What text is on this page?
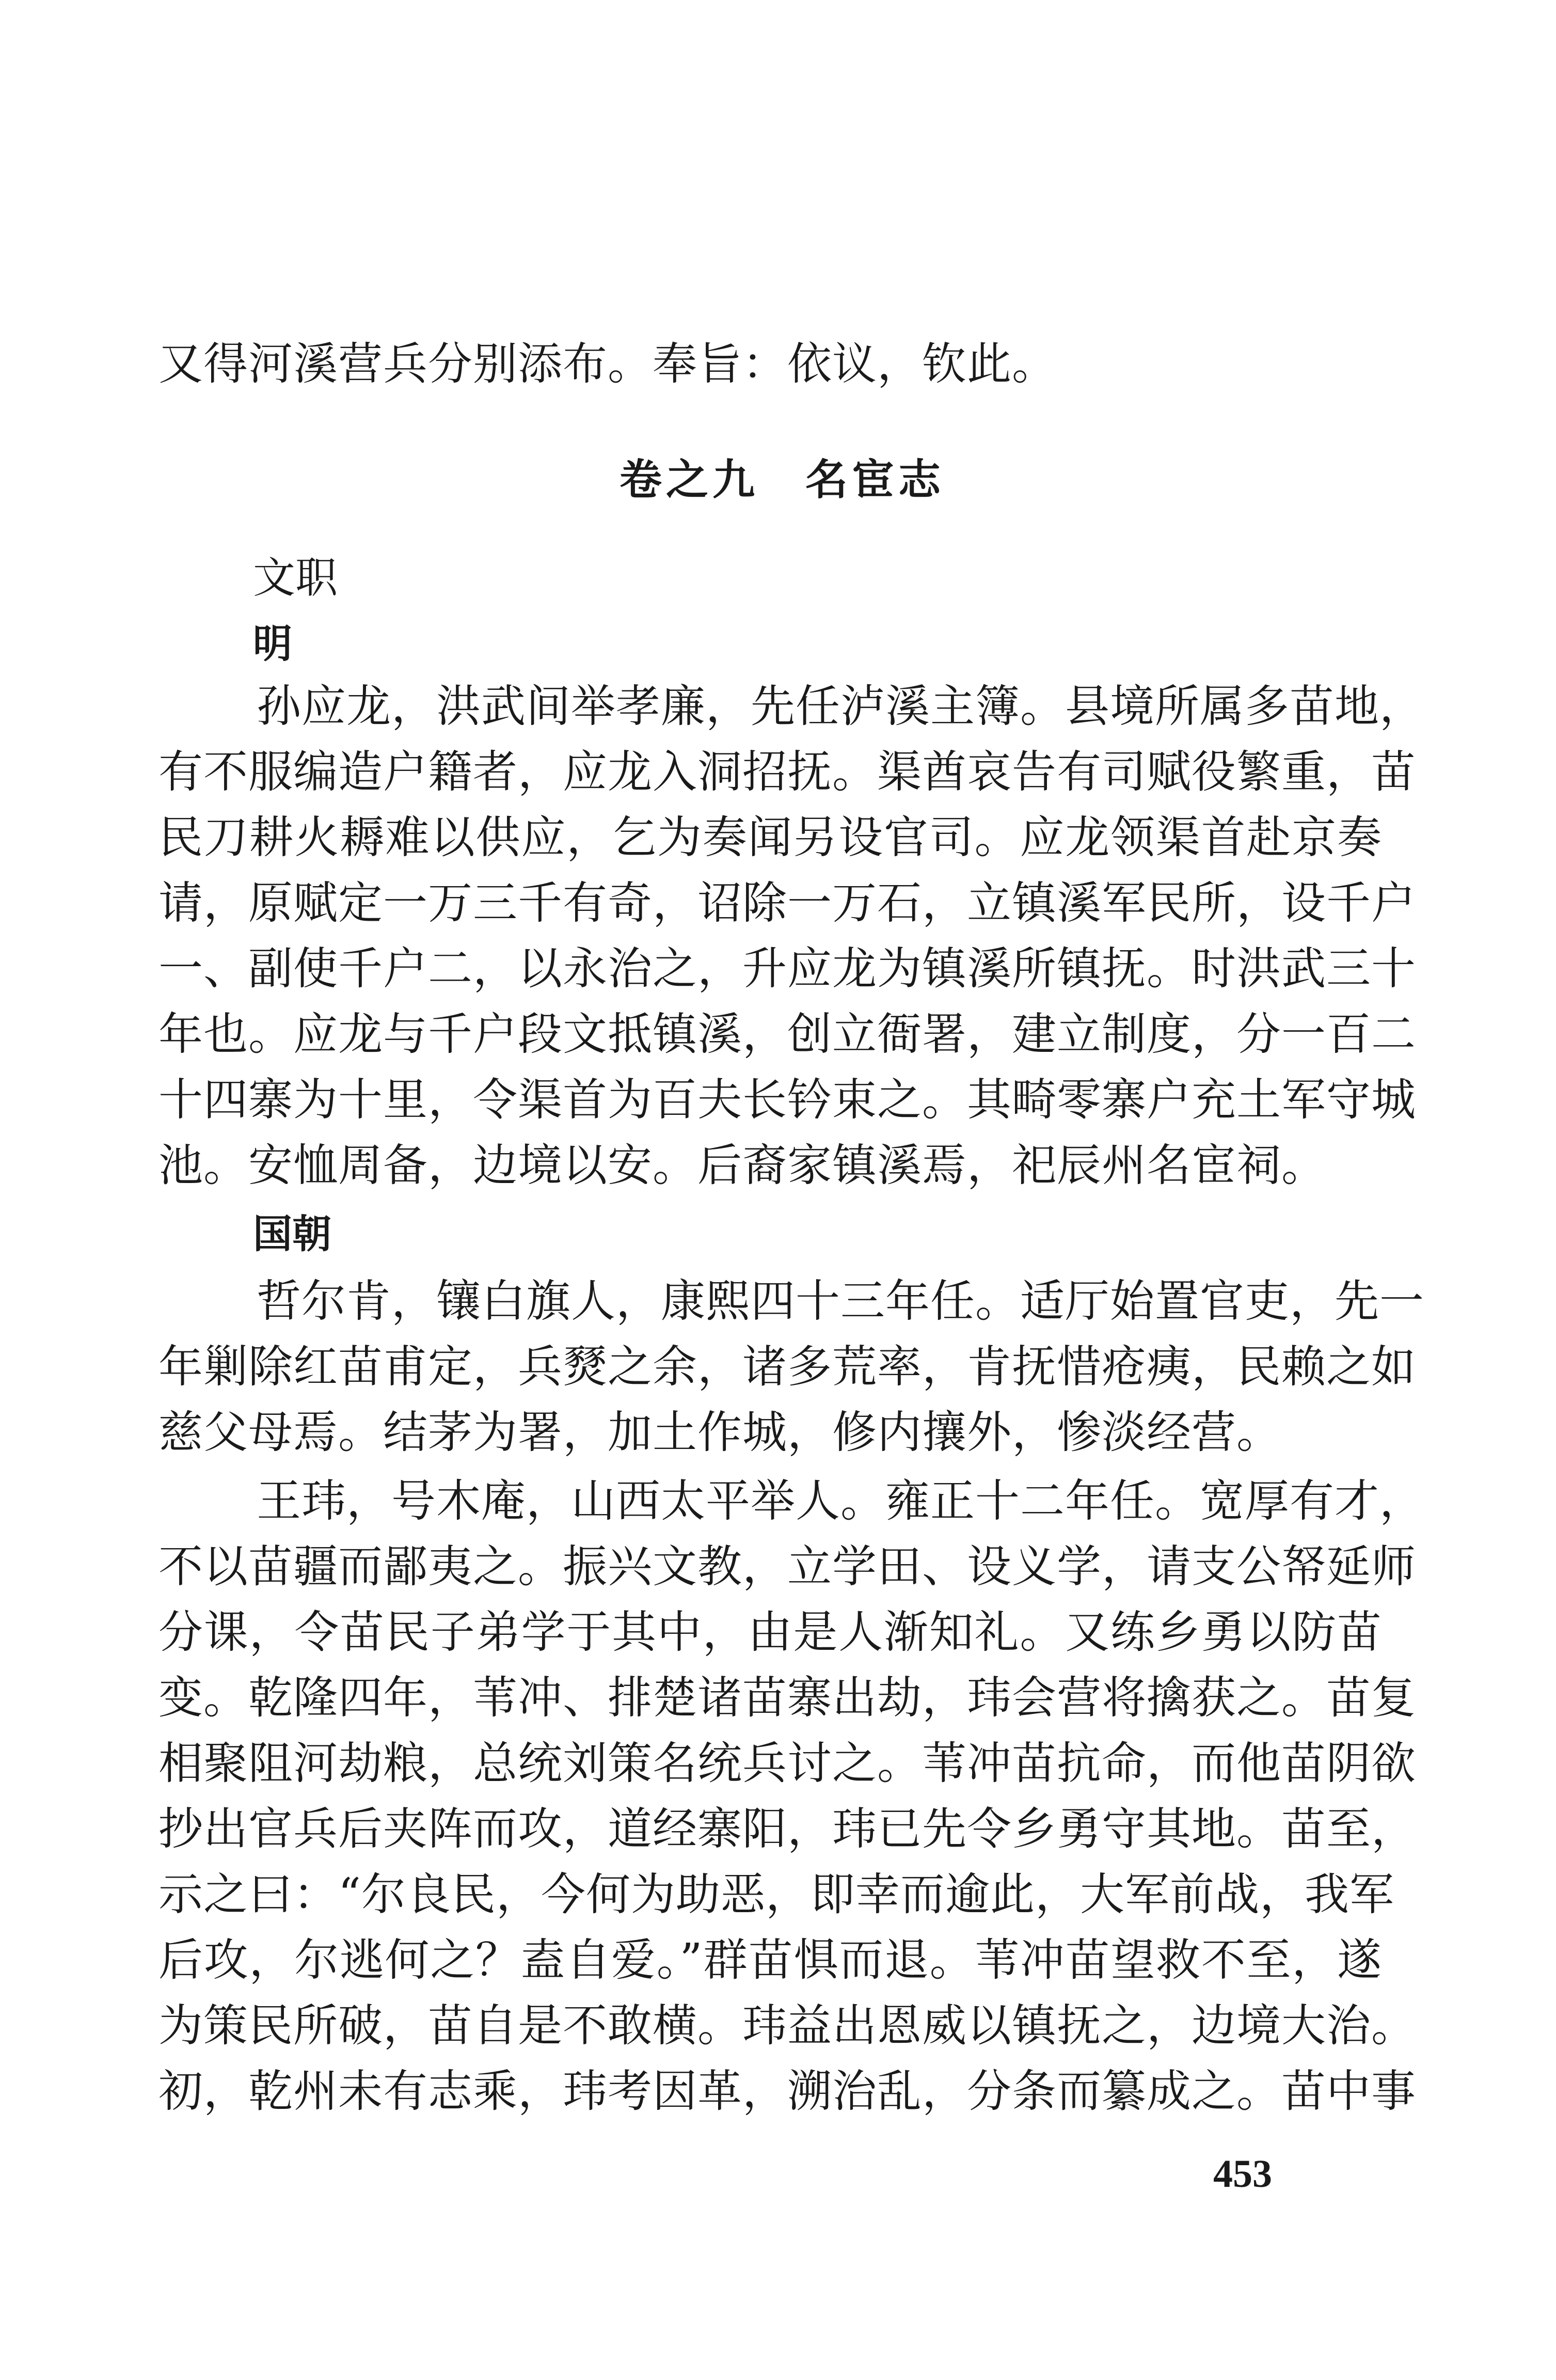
又得河溪营兵分别添布。奉旨：依议，钦此。
卷之九 名宦志
文职
明
孙应龙，洪武间举孝廉，先任泸溪主簿。县境所属多苗地，
有不服编造户籍者，应龙入洞招抚。渠酋哀告有司赋役繁重，苗
民刀耕火耨难以供应，乞为奏闻另设官司。应龙领渠首赴京奏
请，原赋定一万三千有奇，诏除一万石，立镇溪军民所，设千户
一、副使千户二，以永治之，升应龙为镇溪所镇抚。时洪武三十
年也。应龙与千户段文抵镇溪，创立衙署，建立制度，分一百二
十四寨为十里，令渠首为百夫长钤束之。其畸零寨户充土军守城
池。安恤周备，边境以安。后裔家镇溪焉，祀辰州名宦祠。
国朝
哲尔肯，镶白旗人，康熙四十三年任。适厅始置官吏，先一
年剿除红苗甫定，兵燹之余，诸多荒率，肯抚惜疮痍，民赖之如
慈父母焉。结茅为署，加土作城，修内攘外，惨淡经营。
王玮，号木庵，山西太平举人。雍正十二年任。宽厚有才，
不以苗疆而鄙夷之。振兴文教，立学田、设义学，请支公帑延师
分课，令苗民子弟学于其中，由是人渐知礼。又练乡勇以防苗
变。乾隆四年，苇冲、排楚诸苗寨出劫，玮会营将擒获之。苗复
相聚阻河劫粮，总统刘策名统兵讨之。苇冲苗抗命，而他苗阴欲
抄出官兵后夹阵而攻，道经寨阳，玮已先令乡勇守其地。苗至，
示之曰：“尔良民，今何为助恶，即幸而逾此，大军前战，我军
后攻，尔逃何之？盍自爱。”群苗惧而退。苇冲苗望救不至，遂
为策民所破，苗自是不敢横。玮益出恩威以镇抚之，边境大治。
初，乾州未有志乘，玮考因革，溯治乱，分条而纂成之。苗中事
453
